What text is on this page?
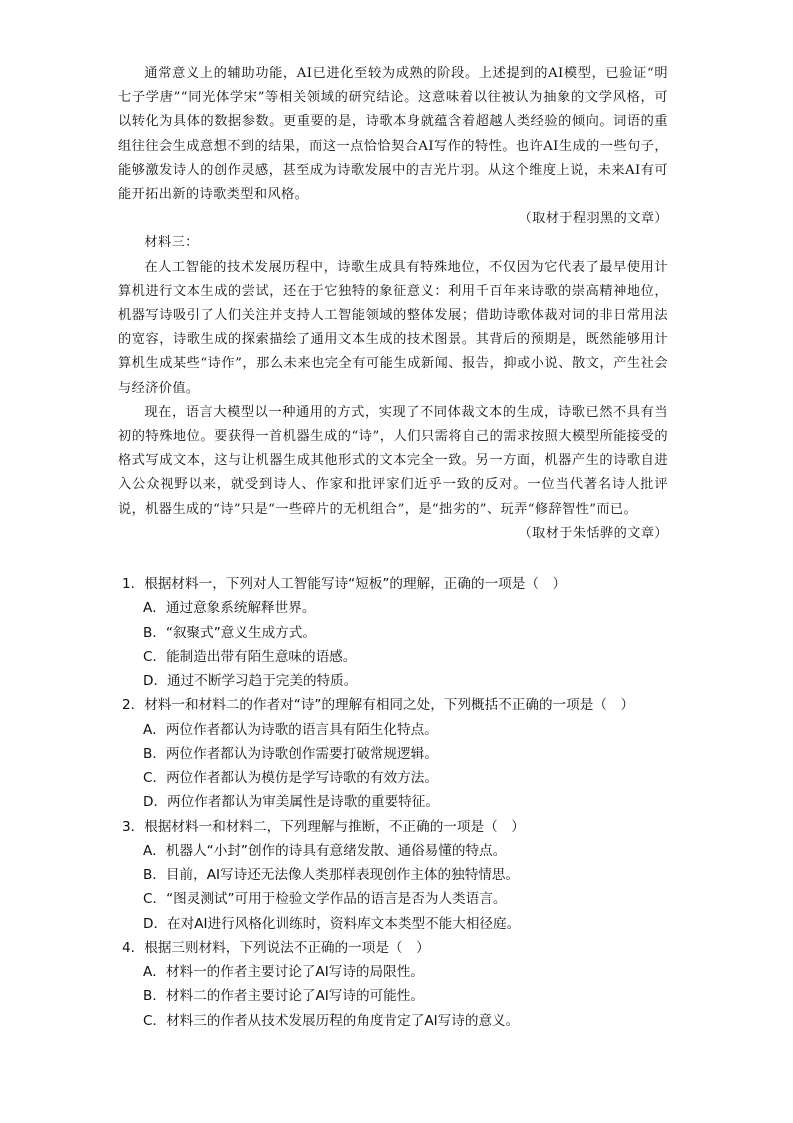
通常意义上的辅助功能，AI已进化至较为成熟的阶段。上述提到的AI模型，已验证“明七子学唐”“同光体学宋”等相关领域的研究结论。这意味着以往被认为抽象的文学风格，可以转化为具体的数据参数。更重要的是，诗歌本身就蕴含着超越人类经验的倾向。词语的重组往往会生成意想不到的结果，而这一点恰恰契合AI写作的特性。也许AI生成的一些句子，能够激发诗人的创作灵感，甚至成为诗歌发展中的吉光片羽。从这个维度上说，未来AI有可能开拓出新的诗歌类型和风格。

（取材于程羽黑的文章）

材料三：

在人工智能的技术发展历程中，诗歌生成具有特殊地位，不仅因为它代表了最早使用计算机进行文本生成的尝试，还在于它独特的象征意义：利用千百年来诗歌的崇高精神地位，机器写诗吸引了人们关注并支持人工智能领域的整体发展；借助诗歌体裁对词的非日常用法的宽容，诗歌生成的探索描绘了通用文本生成的技术图景。其背后的预期是，既然能够用计算机生成某些“诗作”，那么未来也完全有可能生成新闻、报告，抑或小说、散文，产生社会与经济价值。

现在，语言大模型以一种通用的方式，实现了不同体裁文本的生成，诗歌已然不具有当初的特殊地位。要获得一首机器生成的“诗”，人们只需将自己的需求按照大模型所能接受的格式写成文本，这与让机器生成其他形式的文本完全一致。另一方面，机器产生的诗歌自进入公众视野以来，就受到诗人、作家和批评家们近乎一致的反对。一位当代著名诗人批评说，机器生成的“诗”只是“一些碎片的无机组合”，是“拙劣的”、玩弄“修辞智性”而已。

（取材于朱恬骅的文章）

1．根据材料一，下列对人工智能写诗“短板”的理解，正确的一项是（　）

A．通过意象系统解释世界。

B．“叙聚式”意义生成方式。

C．能制造出带有陌生意味的语感。

D．通过不断学习趋于完美的特质。

2．材料一和材料二的作者对“诗”的理解有相同之处，下列概括不正确的一项是（　）

A．两位作者都认为诗歌的语言具有陌生化特点。

B．两位作者都认为诗歌创作需要打破常规逻辑。

C．两位作者都认为模仿是学写诗歌的有效方法。

D．两位作者都认为审美属性是诗歌的重要特征。

3．根据材料一和材料二，下列理解与推断，不正确的一项是（　）

A．机器人“小封”创作的诗具有意绪发散、通俗易懂的特点。

B．目前，AI写诗还无法像人类那样表现创作主体的独特情思。

C．“图灵测试”可用于检验文学作品的语言是否为人类语言。

D．在对AI进行风格化训练时，资料库文本类型不能大相径庭。

4．根据三则材料，下列说法不正确的一项是（　）

A．材料一的作者主要讨论了AI写诗的局限性。

B．材料二的作者主要讨论了AI写诗的可能性。

C．材料三的作者从技术发展历程的角度肯定了AI写诗的意义。
